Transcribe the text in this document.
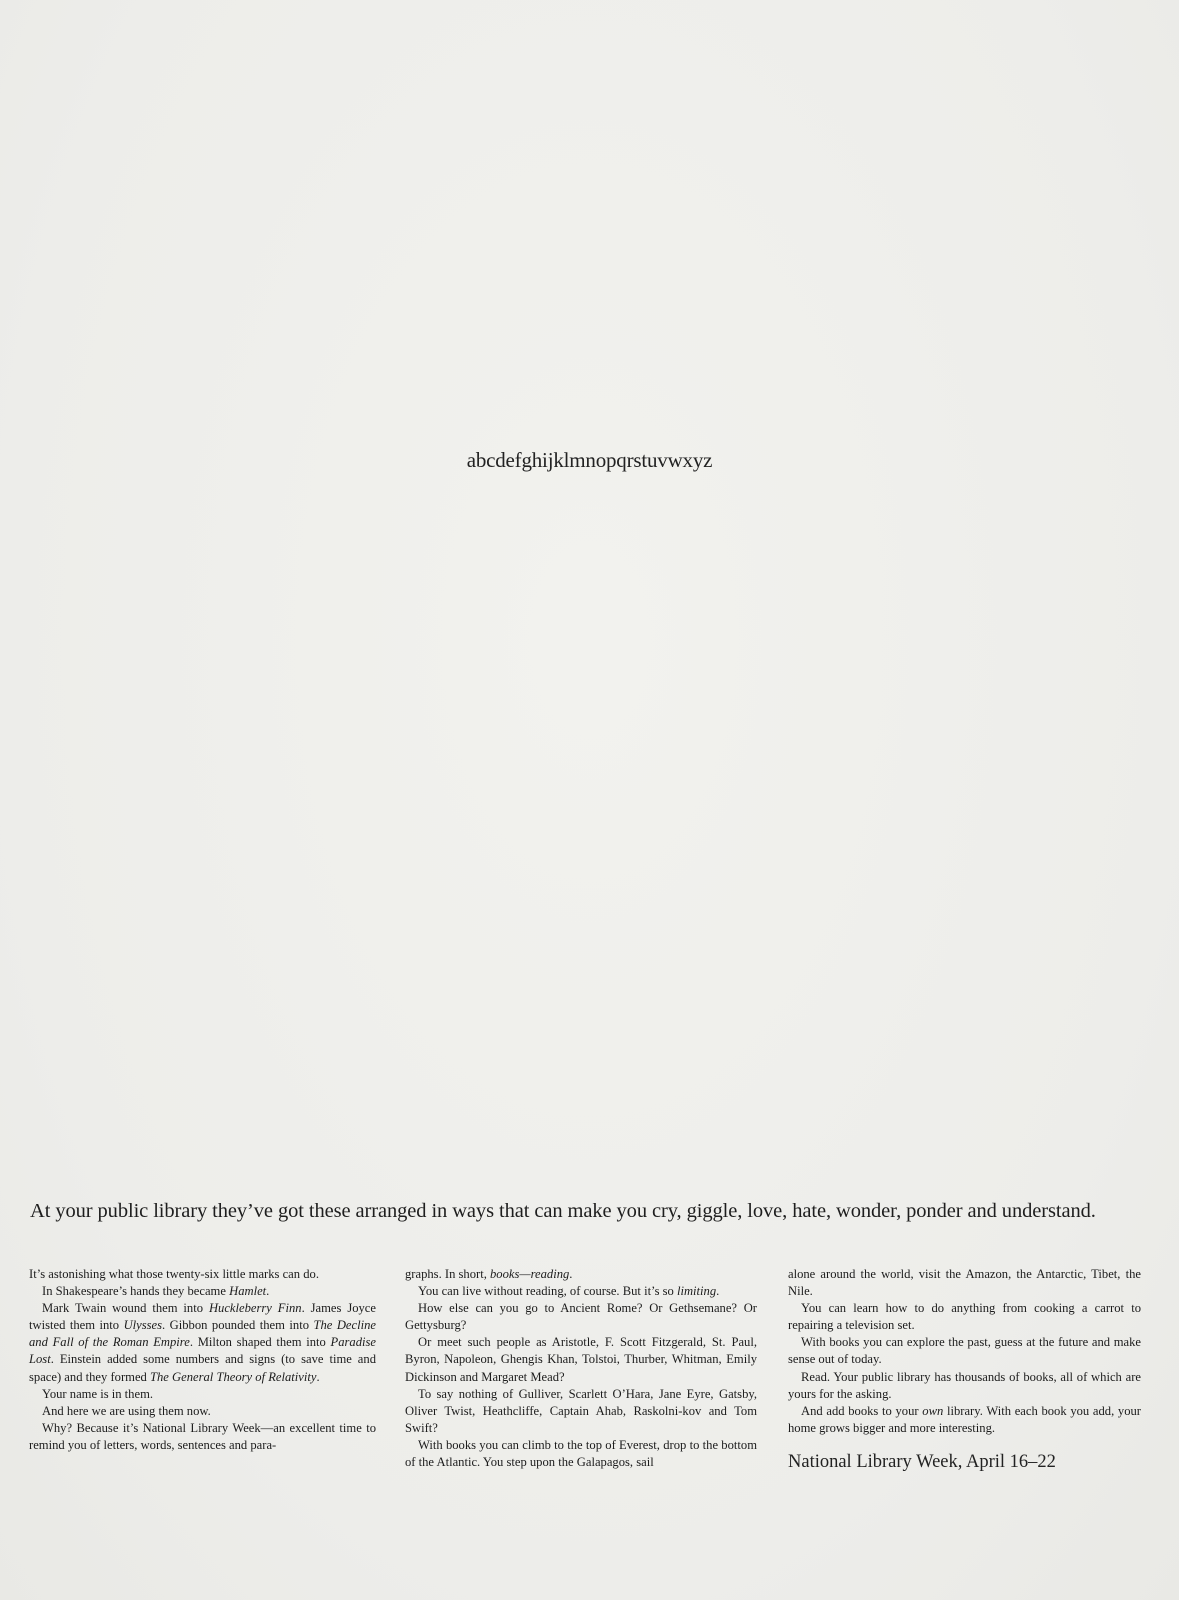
abcdefghijklmnopqrstuvwxyz
At your public library they’ve got these arranged in ways that can make you cry, giggle, love, hate, wonder, ponder and understand.

It’s astonishing what those twenty-six little marks can do.

In Shakespeare’s hands they became Hamlet.

Mark Twain wound them into Huckleberry Finn. James Joyce twisted them into Ulysses. Gibbon pounded them into The Decline and Fall of the Roman Empire. Milton shaped them into Paradise Lost. Einstein added some numbers and signs (to save time and space) and they formed The General Theory of Relativity.

Your name is in them.

And here we are using them now.

Why? Because it’s National Library Week—an excellent time to remind you of letters, words, sentences and para-

graphs. In short, books—reading.

You can live without reading, of course. But it’s so limiting.

How else can you go to Ancient Rome? Or Gethsemane? Or Gettysburg?

Or meet such people as Aristotle, F. Scott Fitzgerald, St. Paul, Byron, Napoleon, Ghengis Khan, Tolstoi, Thurber, Whitman, Emily Dickinson and Margaret Mead?

To say nothing of Gulliver, Scarlett O’Hara, Jane Eyre, Gatsby, Oliver Twist, Heathcliffe, Captain Ahab, Raskolni-kov and Tom Swift?

With books you can climb to the top of Everest, drop to the bottom of the Atlantic. You step upon the Galapagos, sail

alone around the world, visit the Amazon, the Antarctic, Tibet, the Nile.

You can learn how to do anything from cooking a carrot to repairing a television set.

With books you can explore the past, guess at the future and make sense out of today.

Read. Your public library has thousands of books, all of which are yours for the asking.

And add books to your own library. With each book you add, your home grows bigger and more interesting.

National Library Week, April 16–22
